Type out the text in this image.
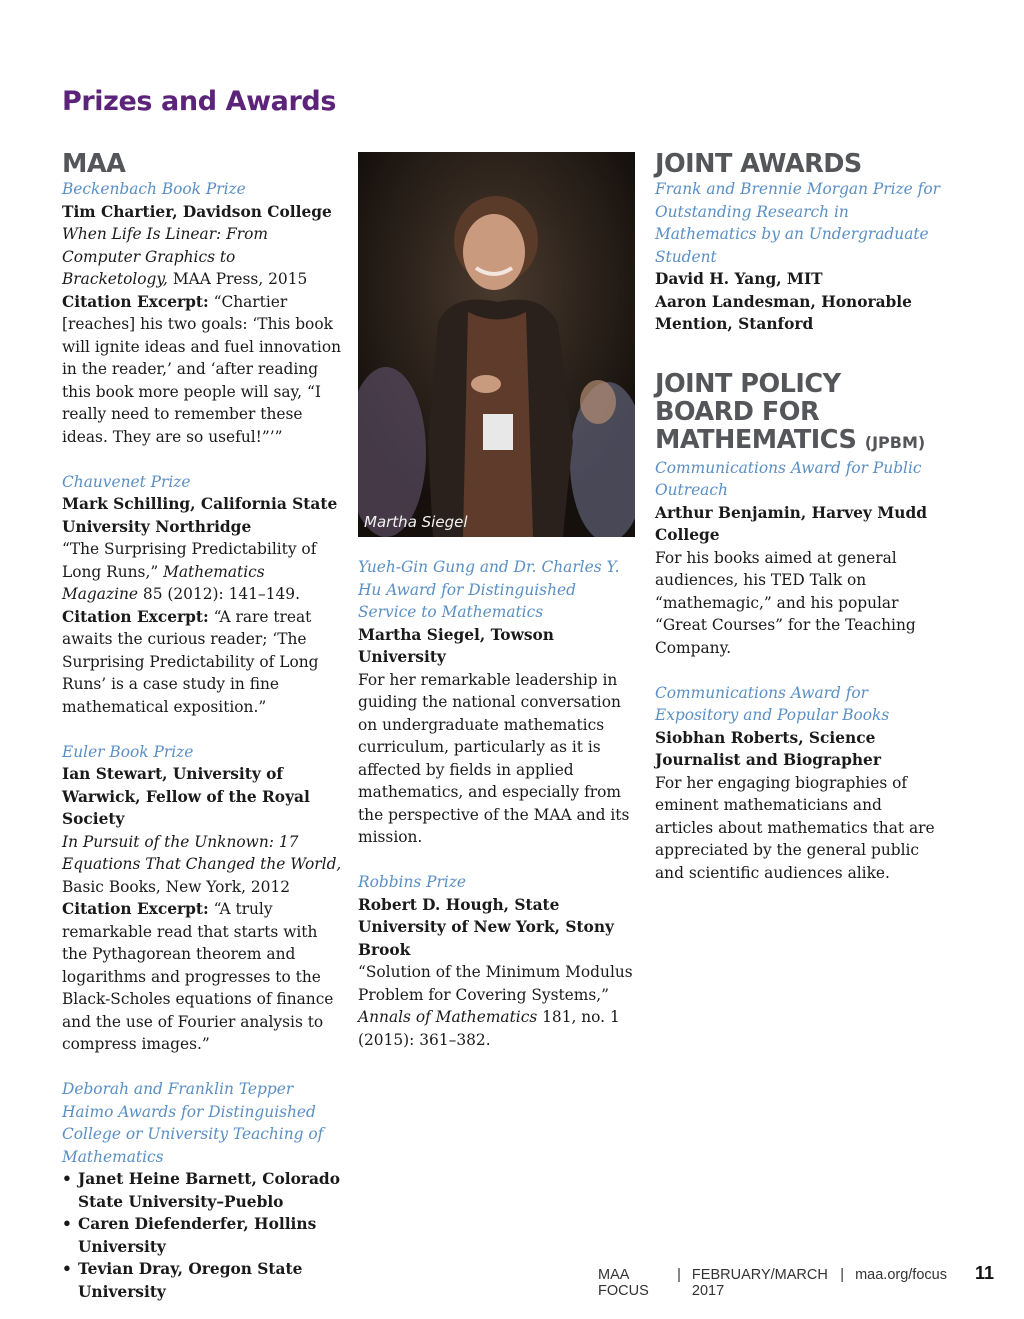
Prizes and Awards
MAA
Beckenbach Book Prize
Tim Chartier, Davidson College
When Life Is Linear: From Computer Graphics to Bracketology, MAA Press, 2015
Citation Excerpt: “Chartier [reaches] his two goals: ‘This book will ignite ideas and fuel innovation in the reader,’ and ‘after reading this book more people will say, “I really need to remember these ideas. They are so useful!”’”
Chauvenet Prize
Mark Schilling, California State University Northridge
“The Surprising Predictability of Long Runs,” Mathematics Magazine 85 (2012): 141–149.
Citation Excerpt: “A rare treat awaits the curious reader; ‘The Surprising Predictability of Long Runs’ is a case study in fine mathematical exposition.”
Euler Book Prize
Ian Stewart, University of Warwick, Fellow of the Royal Society
In Pursuit of the Unknown: 17 Equations That Changed the World, Basic Books, New York, 2012
Citation Excerpt: “A truly remarkable read that starts with the Pythagorean theorem and logarithms and progresses to the Black-Scholes equations of finance and the use of Fourier analysis to compress images.”
Deborah and Franklin Tepper Haimo Awards for Distinguished College or University Teaching of Mathematics
• Janet Heine Barnett, Colorado State University–Pueblo
• Caren Diefenderfer, Hollins University
• Tevian Dray, Oregon State University

Martha Siegel

Yueh-Gin Gung and Dr. Charles Y. Hu Award for Distinguished Service to Mathematics
Martha Siegel, Towson University
For her remarkable leadership in guiding the national conversation on undergraduate mathematics curriculum, particularly as it is affected by fields in applied mathematics, and especially from the perspective of the MAA and its mission.
Robbins Prize
Robert D. Hough, State University of New York, Stony Brook
“Solution of the Minimum Modulus Problem for Covering Systems,” Annals of Mathematics 181, no. 1 (2015): 361–382.
JOINT AWARDS
Frank and Brennie Morgan Prize for Outstanding Research in Mathematics by an Undergraduate Student
David H. Yang, MIT
Aaron Landesman, Honorable Mention, Stanford
JOINT POLICY BOARD FOR MATHEMATICS (JPBM)
Communications Award for Public Outreach
Arthur Benjamin, Harvey Mudd College
For his books aimed at general audiences, his TED Talk on “mathemagic,” and his popular “Great Courses” for the Teaching Company.
Communications Award for Expository and Popular Books
Siobhan Roberts, Science Journalist and Biographer
For her engaging biographies of eminent mathematicians and articles about mathematics that are appreciated by the general public and scientific audiences alike.
MAA FOCUS
| FEBRUARY/MARCH 2017
| maa.org/focus 11
